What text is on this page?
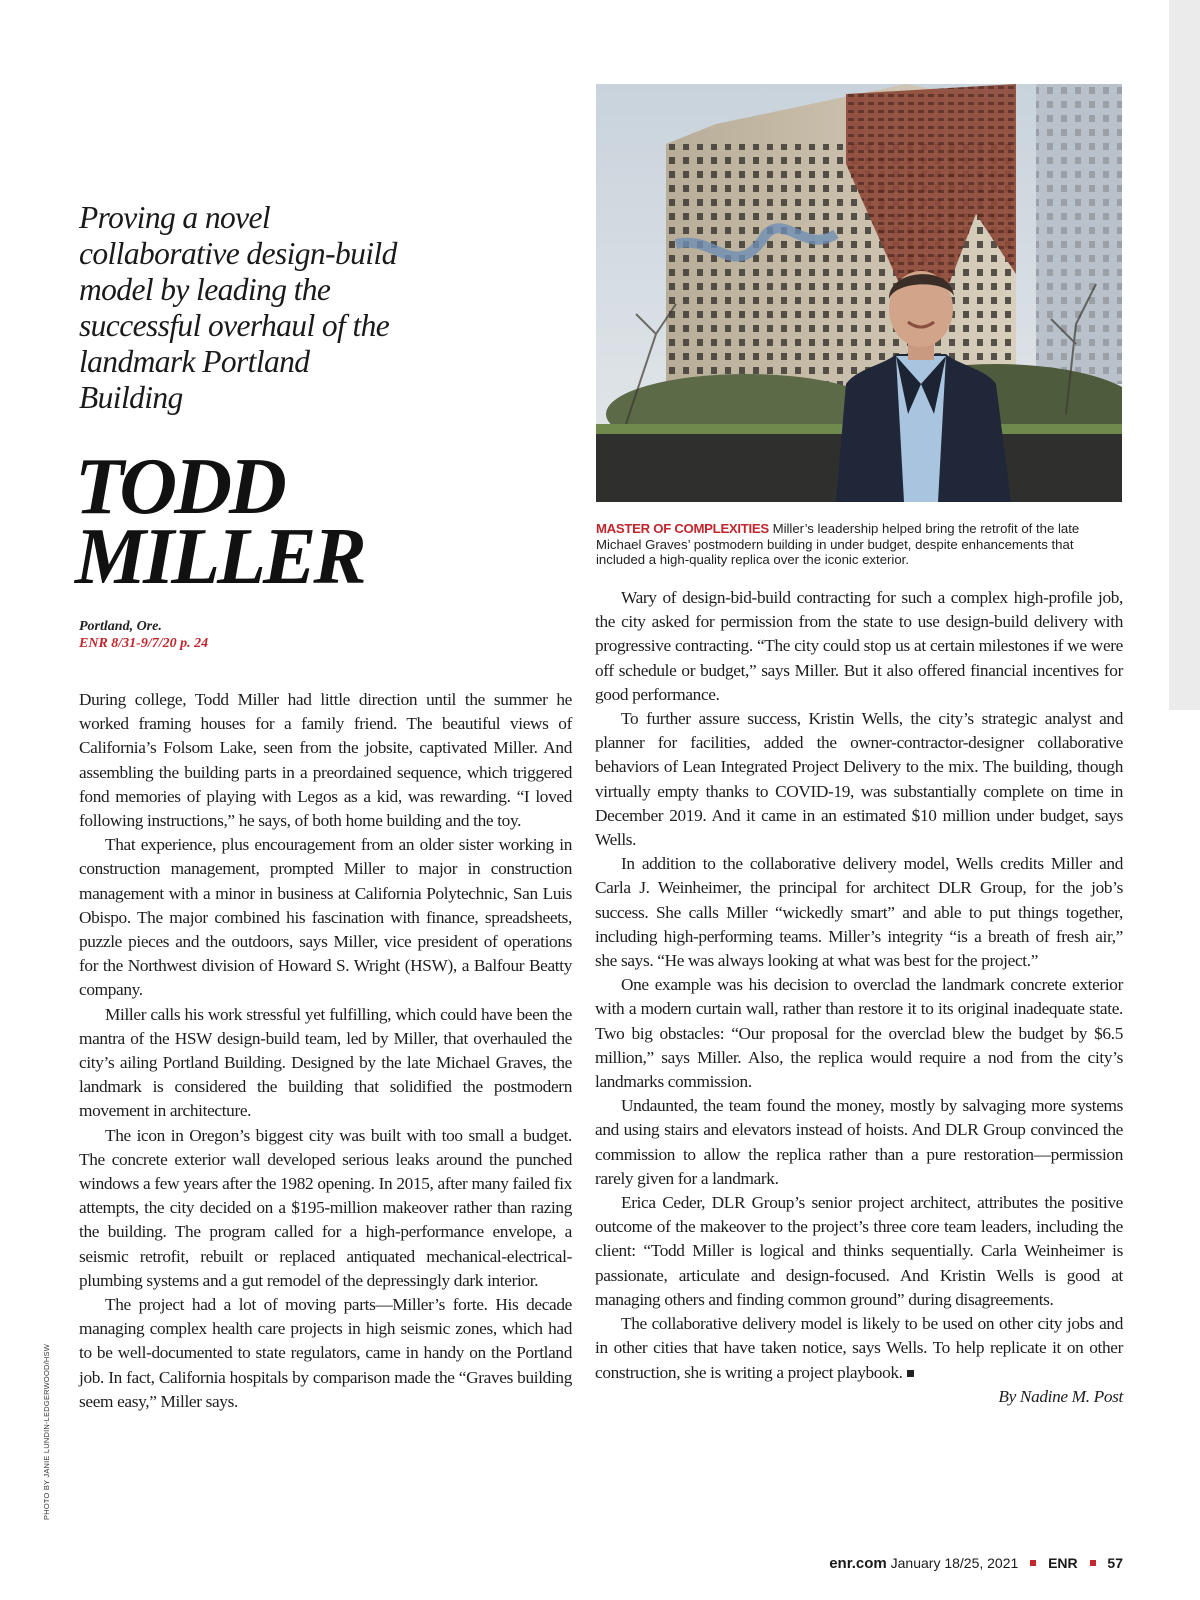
Proving a novel collaborative design-build model by leading the successful overhaul of the landmark Portland Building
TODD
MILLER
Portland, Ore.
ENR 8/31-9/7/20 p. 24
MASTER OF COMPLEXITIES Miller’s leadership helped bring the retrofit of the late Michael Graves’ postmodern building in under budget, despite enhancements that included a high-quality replica over the iconic exterior.

During college, Todd Miller had little direction until the summer he worked framing houses for a family friend. The beautiful views of California’s Folsom Lake, seen from the jobsite, captivated Miller. And assembling the building parts in a preordained sequence, which triggered fond memories of playing with Legos as a kid, was rewarding. “I loved following instructions,” he says, of both home building and the toy.

That experience, plus encouragement from an older sister working in construction management, prompted Miller to major in construction management with a minor in business at California Polytechnic, San Luis Obispo. The major combined his fascination with finance, spreadsheets, puzzle pieces and the outdoors, says Miller, vice president of operations for the Northwest division of Howard S. Wright (HSW), a Balfour Beatty company.

Miller calls his work stressful yet fulfilling, which could have been the mantra of the HSW design-build team, led by Miller, that overhauled the city’s ailing Portland Building. Designed by the late Michael Graves, the landmark is considered the building that solidified the postmodern movement in architecture.

The icon in Oregon’s biggest city was built with too small a budget. The concrete exterior wall developed serious leaks around the punched windows a few years after the 1982 opening. In 2015, after many failed fix attempts, the city decided on a $195-million makeover rather than razing the building. The program called for a high-performance envelope, a seismic retrofit, rebuilt or replaced antiquated mechanical-electrical-plumbing systems and a gut remodel of the depressingly dark interior.

The project had a lot of moving parts—Miller’s forte. His decade managing complex health care projects in high seismic zones, which had to be well-documented to state regulators, came in handy on the Portland job. In fact, California hospitals by comparison made the “Graves building seem easy,” Miller says.

Wary of design-bid-build contracting for such a complex high-profile job, the city asked for permission from the state to use design-build delivery with progressive contracting. “The city could stop us at certain milestones if we were off schedule or budget,” says Miller. But it also offered financial incentives for good performance.

To further assure success, Kristin Wells, the city’s strategic analyst and planner for facilities, added the owner-contractor-designer collaborative behaviors of Lean Integrated Project Delivery to the mix. The building, though virtually empty thanks to COVID-19, was substantially complete on time in December 2019. And it came in an estimated $10 million under budget, says Wells.

In addition to the collaborative delivery model, Wells credits Miller and Carla J. Weinheimer, the principal for architect DLR Group, for the job’s success. She calls Miller “wickedly smart” and able to put things together, including high-performing teams. Miller’s integrity “is a breath of fresh air,” she says. “He was always looking at what was best for the project.”

One example was his decision to overclad the landmark concrete exterior with a modern curtain wall, rather than restore it to its original inadequate state. Two big obstacles: “Our proposal for the overclad blew the budget by $6.5 million,” says Miller. Also, the replica would require a nod from the city’s landmarks commission.

Undaunted, the team found the money, mostly by salvaging more systems and using stairs and elevators instead of hoists. And DLR Group convinced the commission to allow the replica rather than a pure restoration—permission rarely given for a landmark.

Erica Ceder, DLR Group’s senior project architect, attributes the positive outcome of the makeover to the project’s three core team leaders, including the client: “Todd Miller is logical and thinks sequentially. Carla Weinheimer is passionate, articulate and design-focused. And Kristin Wells is good at managing others and finding common ground” during disagreements.

The collaborative delivery model is likely to be used on other city jobs and in other cities that have taken notice, says Wells. To help replicate it on other construction, she is writing a project playbook.

By Nadine M. Post

PHOTO BY JANIE LUNDIN-LEDGERWOOD/HSW
enr.com January 18/25, 2021 ENR 57
